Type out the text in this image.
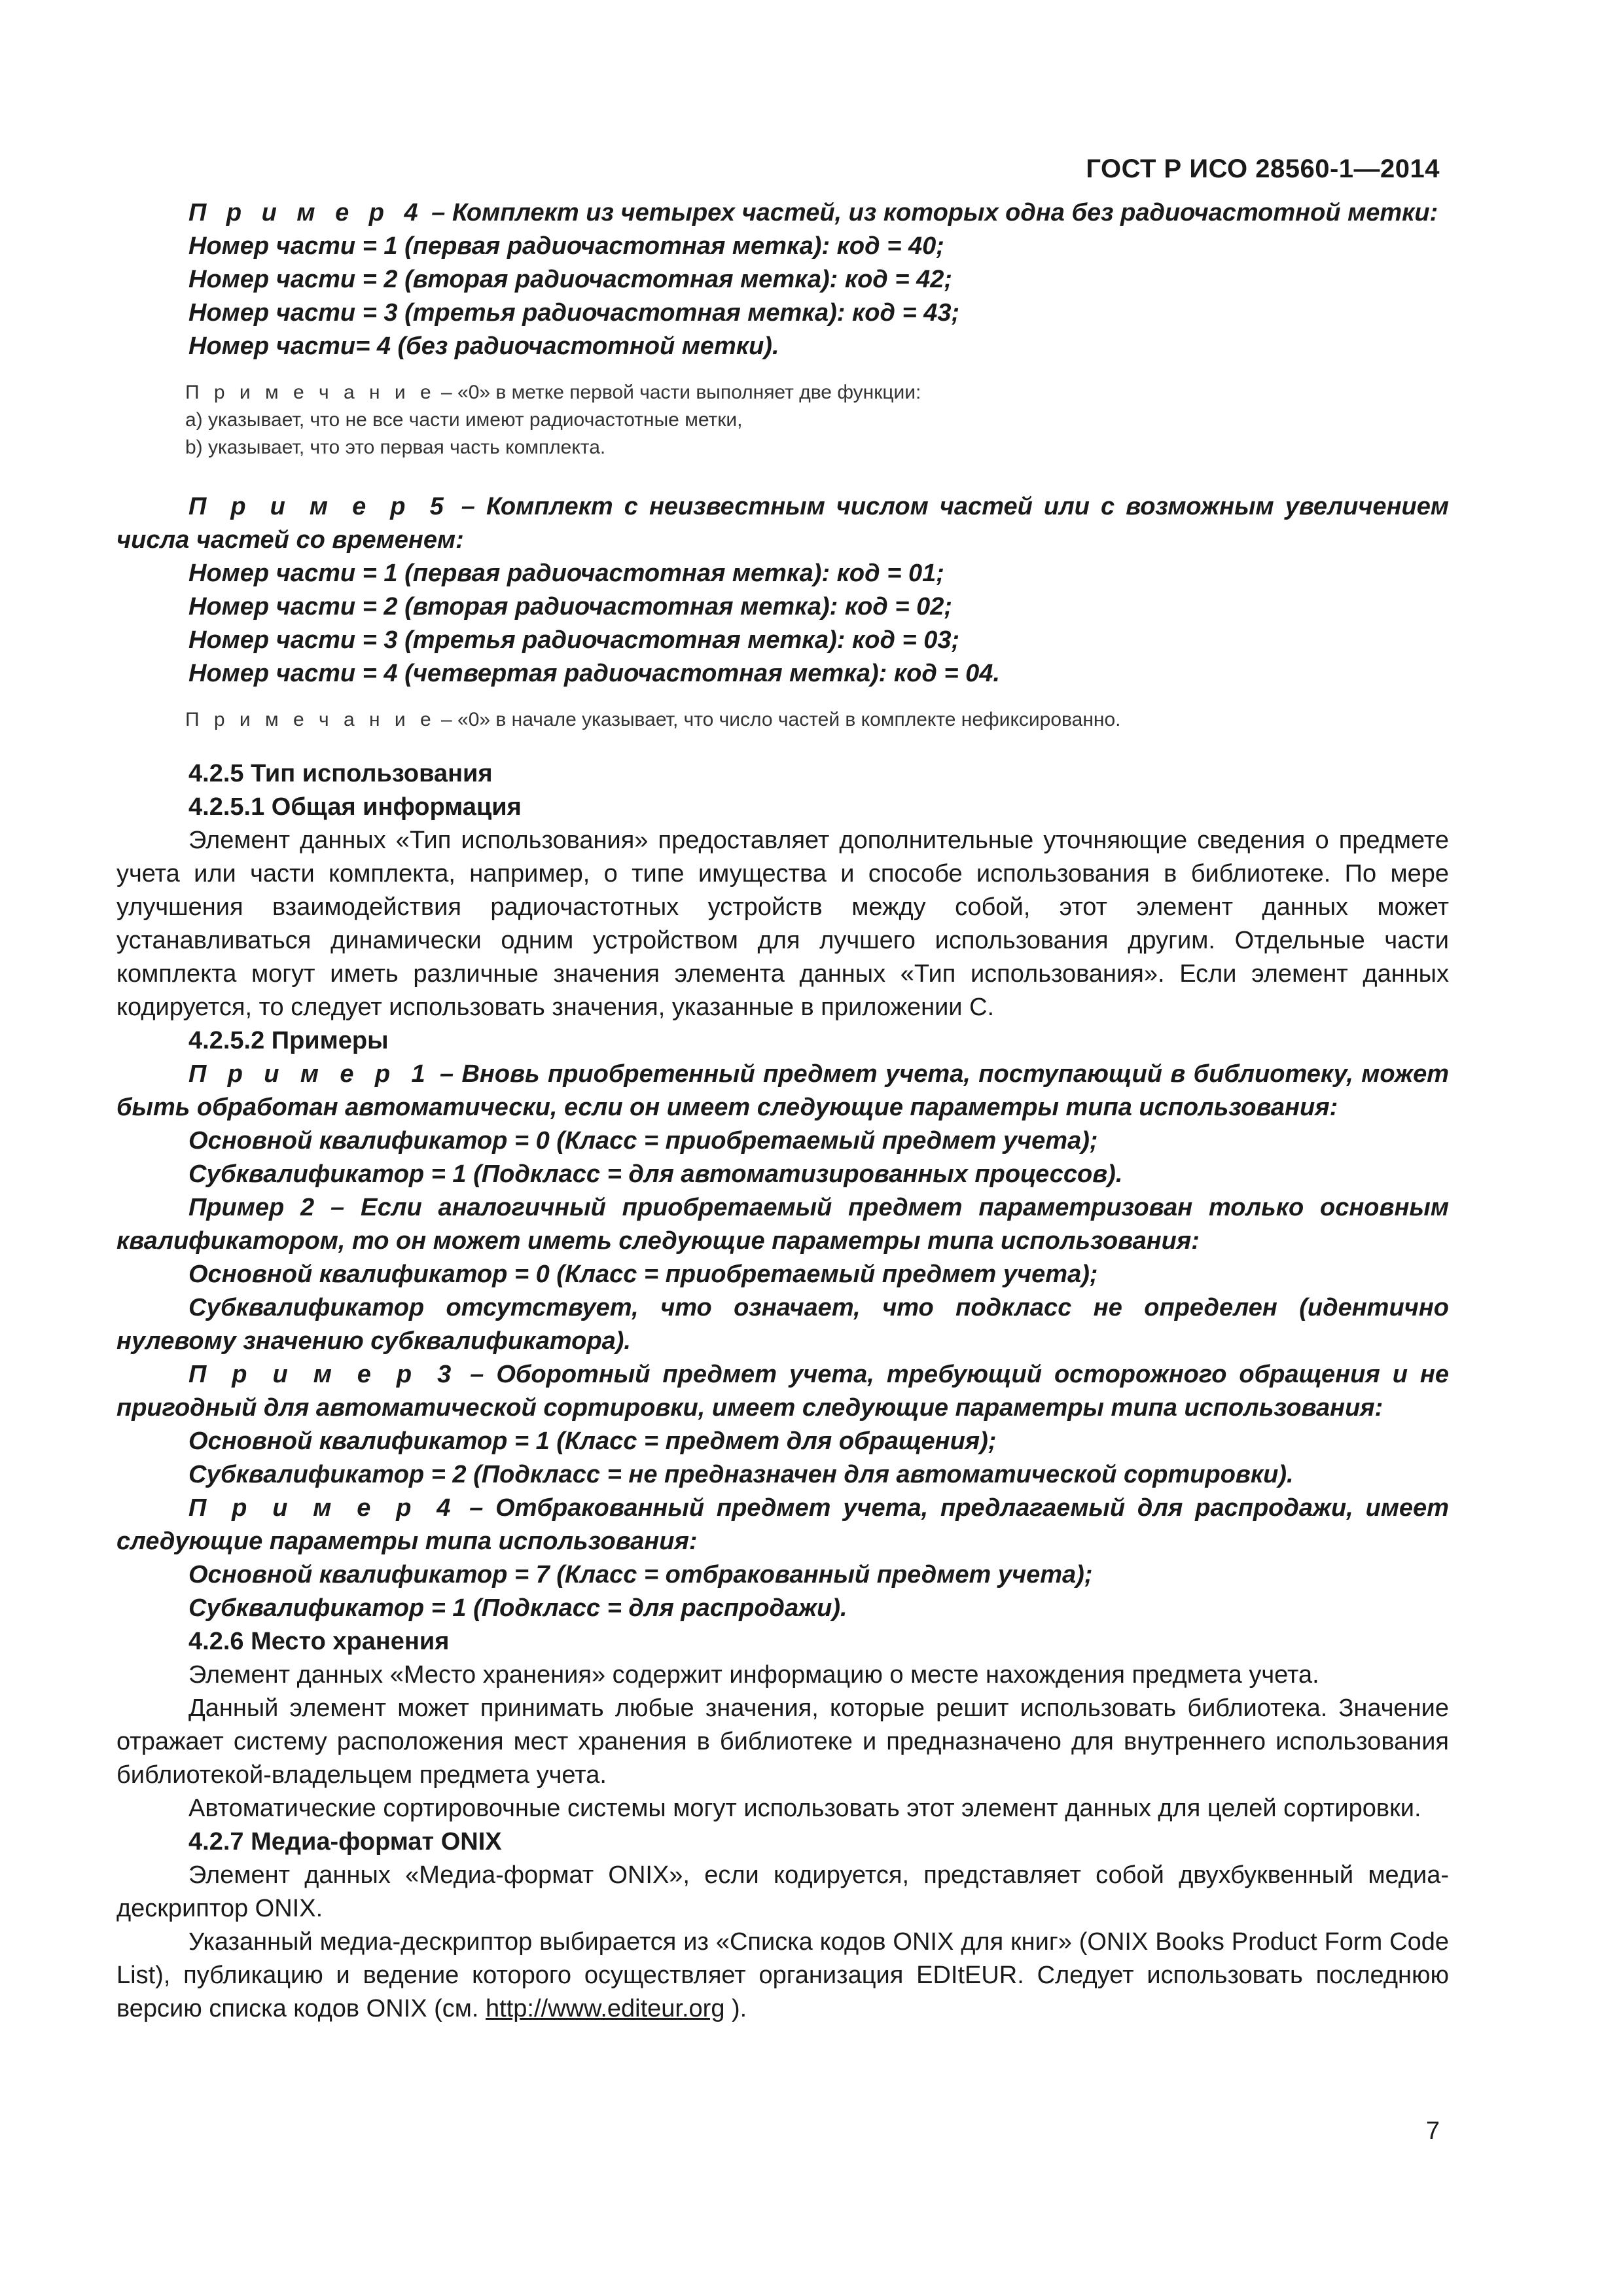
ГОСТ Р ИСО 28560-1—2014

П р и м е р 4 – Комплект из четырех частей, из которых одна без радиочастотной метки:

Номер части = 1 (первая радиочастотная метка): код = 40;

Номер части = 2 (вторая радиочастотная метка): код = 42;

Номер части = 3 (третья радиочастотная метка): код = 43;

Номер части= 4 (без радиочастотной метки).

П р и м е ч а н и е – «0» в метке первой части выполняет две функции:

a) указывает, что не все части имеют радиочастотные метки,

b) указывает, что это первая часть комплекта.

П р и м е р 5 – Комплект с неизвестным числом частей или с возможным увеличением числа частей со временем:

Номер части = 1 (первая радиочастотная метка): код = 01;

Номер части = 2 (вторая радиочастотная метка): код = 02;

Номер части = 3 (третья радиочастотная метка): код = 03;

Номер части = 4 (четвертая радиочастотная метка): код = 04.

П р и м е ч а н и е – «0» в начале указывает, что число частей в комплекте нефиксированно.

4.2.5 Тип использования

4.2.5.1 Общая информация

Элемент данных «Тип использования» предоставляет дополнительные уточняющие сведения о предмете учета или части комплекта, например, о типе имущества и способе использования в библиотеке. По мере улучшения взаимодействия радиочастотных устройств между собой, этот элемент данных может устанавливаться динамически одним устройством для лучшего использования другим. Отдельные части комплекта могут иметь различные значения элемента данных «Тип использования». Если элемент данных кодируется, то следует использовать значения, указанные в приложении С.

4.2.5.2 Примеры

П р и м е р 1 – Вновь приобретенный предмет учета, поступающий в библиотеку, может быть обработан автоматически, если он имеет следующие параметры типа использования:

Основной квалификатор = 0 (Класс = приобретаемый предмет учета);

Субквалификатор = 1 (Подкласс = для автоматизированных процессов).

Пример 2 – Если аналогичный приобретаемый предмет параметризован только основным квалификатором, то он может иметь следующие параметры типа использования:

Основной квалификатор = 0 (Класс = приобретаемый предмет учета);

Субквалификатор отсутствует, что означает, что подкласс не определен (идентично нулевому значению субквалификатора).

П р и м е р 3 – Оборотный предмет учета, требующий осторожного обращения и не пригодный для автоматической сортировки, имеет следующие параметры типа использования:

Основной квалификатор = 1 (Класс = предмет для обращения);

Субквалификатор = 2 (Подкласс = не предназначен для автоматической сортировки).

П р и м е р 4 – Отбракованный предмет учета, предлагаемый для распродажи, имеет следующие параметры типа использования:

Основной квалификатор = 7 (Класс = отбракованный предмет учета);

Субквалификатор = 1 (Подкласс = для распродажи).

4.2.6 Место хранения

Элемент данных «Место хранения» содержит информацию о месте нахождения предмета учета.

Данный элемент может принимать любые значения, которые решит использовать библиотека. Значение отражает систему расположения мест хранения в библиотеке и предназначено для внутреннего использования библиотекой-владельцем предмета учета.

Автоматические сортировочные системы могут использовать этот элемент данных для целей сортировки.

4.2.7 Медиа-формат ONIX

Элемент данных «Медиа-формат ONIX», если кодируется, представляет собой двухбуквенный медиа-дескриптор ONIX.

Указанный медиа-дескриптор выбирается из «Списка кодов ONIX для книг» (ONIX Books Product Form Code List), публикацию и ведение которого осуществляет организация EDItEUR. Следует использовать последнюю версию списка кодов ONIX (см. http://www.editeur.org ).

7
